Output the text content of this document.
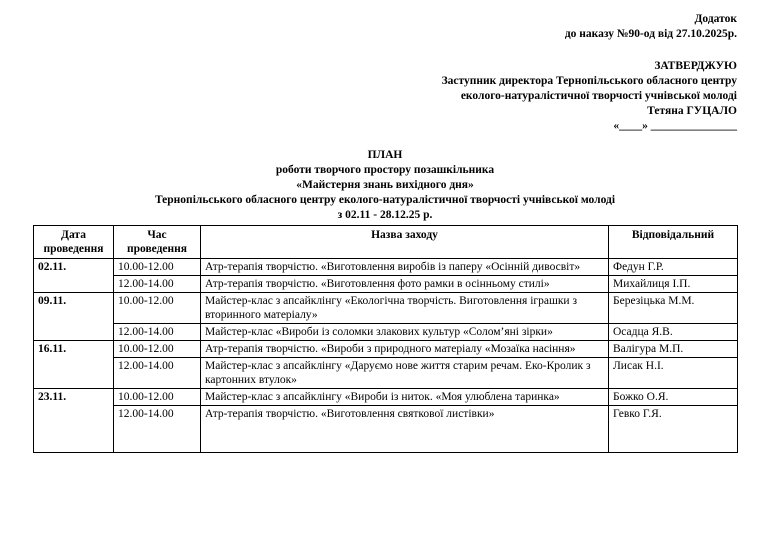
Додаток
до наказу №90-од від 27.10.2025р.
ЗАТВЕРДЖУЮ
Заступник директора Тернопільського обласного центру
еколого-натуралістичної творчості учнівської молоді
Тетяна ГУЦАЛО
«____» _______________
ПЛАН
роботи творчого простору позашкільника
«Майстерня знань вихідного дня»
Тернопільського обласного центру еколого-натуралістичної творчості учнівської молоді
з 02.11 - 28.12.25 р.
Дата проведення	Час проведення	Назва заходу	Відповідальний
02.11.	10.00-12.00	Атр-терапія творчістю. «Виготовлення виробів із паперу «Осінній дивосвіт»	Федун Г.Р.
	12.00-14.00	Атр-терапія творчістю. «Виготовлення фото рамки в осінньому стилі»	Михайлиця І.П.
09.11.	10.00-12.00	Майстер-клас з апсайклінгу «Екологічна творчість. Виготовлення іграшки з вторинного матеріалу»	Березіцька М.М.
	12.00-14.00	Майстер-клас «Вироби із соломки злакових культур «Солом’яні зірки»	Осадца Я.В.
16.11.	10.00-12.00	Атр-терапія творчістю. «Вироби з природного матеріалу «Мозаїка насіння»	Валігура М.П.
	12.00-14.00	Майстер-клас з апсайклінгу «Даруємо нове життя старим речам. Еко-Кролик з картонних втулок»	Лисак Н.І.
23.11.	10.00-12.00	Майстер-клас з апсайклінгу «Вироби із ниток. «Моя улюблена таринка»	Божко О.Я.
	12.00-14.00	Атр-терапія творчістю. «Виготовлення святкової листівки»	Гевко Г.Я.
